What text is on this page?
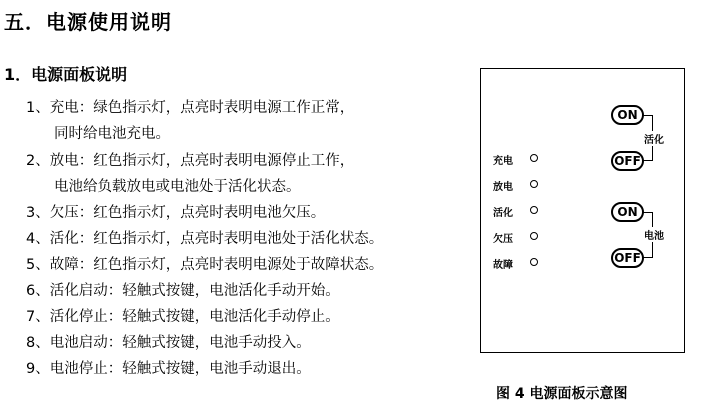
五．电源使用说明
1．电源面板说明
1、充电：绿色指示灯，点亮时表明电源工作正常，
同时给电池充电。
2、放电：红色指示灯，点亮时表明电源停止工作，
电池给负载放电或电池处于活化状态。
3、欠压：红色指示灯，点亮时表明电池欠压。
4、活化：红色指示灯，点亮时表明电池处于活化状态。
5、故障：红色指示灯，点亮时表明电源处于故障状态。
6、活化启动：轻触式按键，电池活化手动开始。
7、活化停止：轻触式按键，电池活化手动停止。
8、电池启动：轻触式按键，电池手动投入。
9、电池停止：轻触式按键，电池手动退出。
充电
放电
活化
欠压
故障
活化
ON
OFF
电池
ON
OFF
图 4 电源面板示意图
